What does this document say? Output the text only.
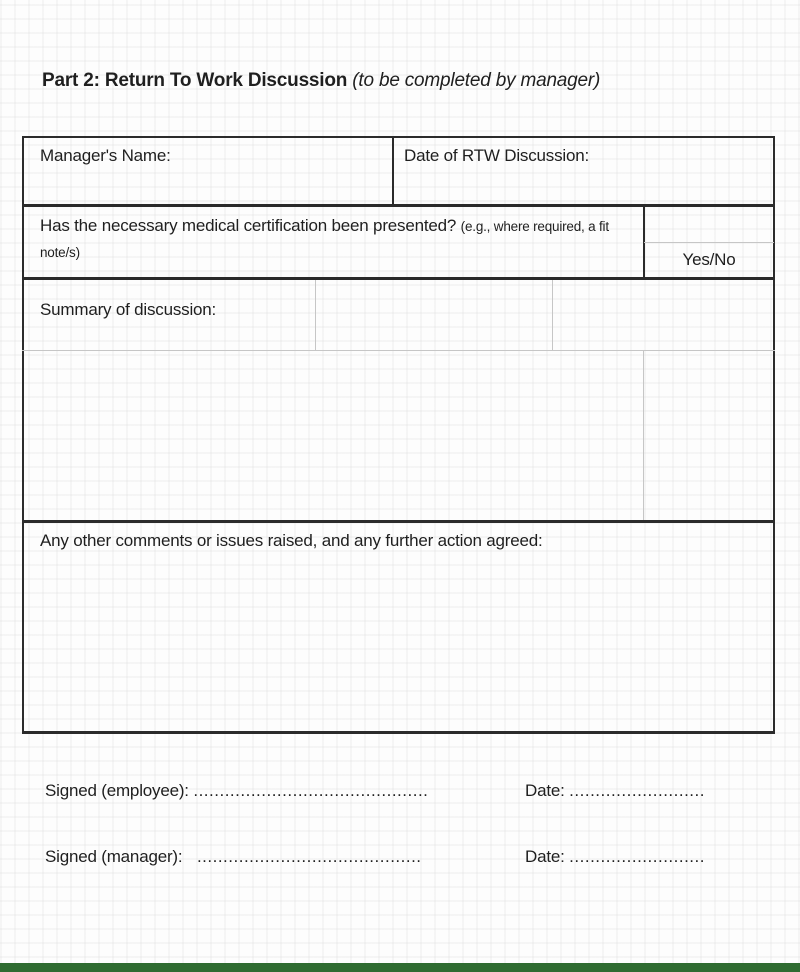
Part 2: Return To Work Discussion (to be completed by manager)
Manager's Name:	Date of RTW Discussion:
Has the necessary medical certification been presented? (e.g., where required, a fit note/s)	Yes/No
Summary of discussion:
Any other comments or issues raised, and any further action agreed:
Signed (employee): .............................................	Date: ..........................
Signed (manager): ...........................................	Date: ..........................
